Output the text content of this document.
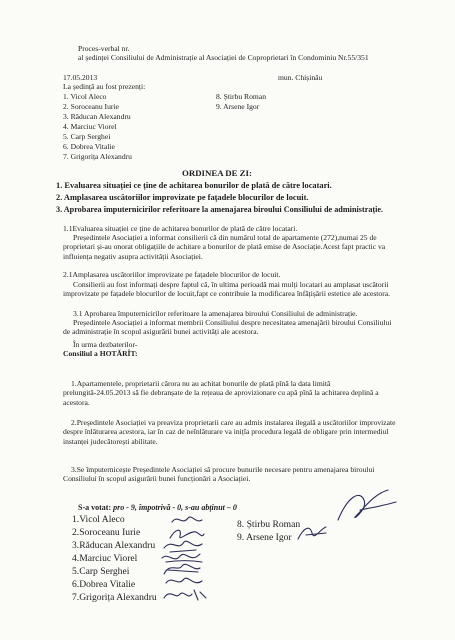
Proces-verbal nr.
al ședinței Consiliului de Administrație al Asociației de Coproprietari în Condominiu Nr.55/351
17.05.2013	mun. Chișinău
La ședință au fost prezenți:
1. Vicol Aleco
2. Soroceanu Iurie
3. Răducan Alexandru
4. Marciuc Viorel
5. Carp Serghei
6. Dobrea Vitalie
7. Grigorița Alexandru
8. Știrbu Roman
9. Arsene Igor
ORDINEA DE ZI:
1. Evaluarea situației ce ține de achitarea bonurilor de plată de către locatari.
2. Amplasarea uscătoriilor improvizate pe fațadele blocurilor de locuit.
3. Aprobarea împuternicirilor referitoare la amenajarea biroului Consiliului de administrație.
1.1Evaluarea situației ce ține de achitarea bonurilor de plată de către locatari.
Președintele Asociației a informat consilierii că din numărul total de apartamente (272),numai 25 de proprietari și-au onorat obligațiile de achitare a bonurilor de plată emise de Asociație.Acest fapt practic va influiența negativ asupra activității Asociației.
2.1Amplasarea uscătoriilor improvizate pe fațadele blocurilor de locuit.
Consilierii au fost informați despre faptul că, în ultima perioadă mai mulți locatari au amplasat uscătorii improvizate pe fațadele blocurilor de locuit,fapt ce contribuie la modificarea înfățișării estetice ale acestora.
3.1 Aprobarea împuternicirilor referitoare la amenajarea biroului Consiliului de administrație.
Președintele Asociației a informat membrii Consiliului despre necesitatea amenajării biroului Consiliului de administrație în scopul asigurării bunei activități ale acestora.
În urma dezbaterilor-
Consiliul a HOTĂRÎT:
1.Apartamentele, proprietarii cărora nu au achitat bonurile de plată pînă la data limită prelungită-24.05.2013 să fie debranșate de la rețeaua de aprovizionare cu apă pînă la achitarea deplină a acestora.
2.Președintele Asociației va preaviza proprietarii care au admis instalarea ilegală a uscătoriilor improvizate despre înlăturarea acestora, iar în caz de neînlăturare va inițîa procedura legală de obligare prin intermediul instanței judecătorești abilitate.
3.Se împuternicește Președintele Asociației să procure bunurile necesare pentru amenajarea biroului Consiliului în scopul asigurării bunei funcționări a Asociației.
S-a votat: pro - 9, împotrivă - 0, s-au abținut – 0
1.Vicol Aleco
2.Soroceanu Iurie
3.Răducan Alexandru
4.Marciuc Viorel
5.Carp Serghei
6.Dobrea Vitalie
7.Grigorița Alexandru
8. Știrbu Roman
9. Arsene Igor
